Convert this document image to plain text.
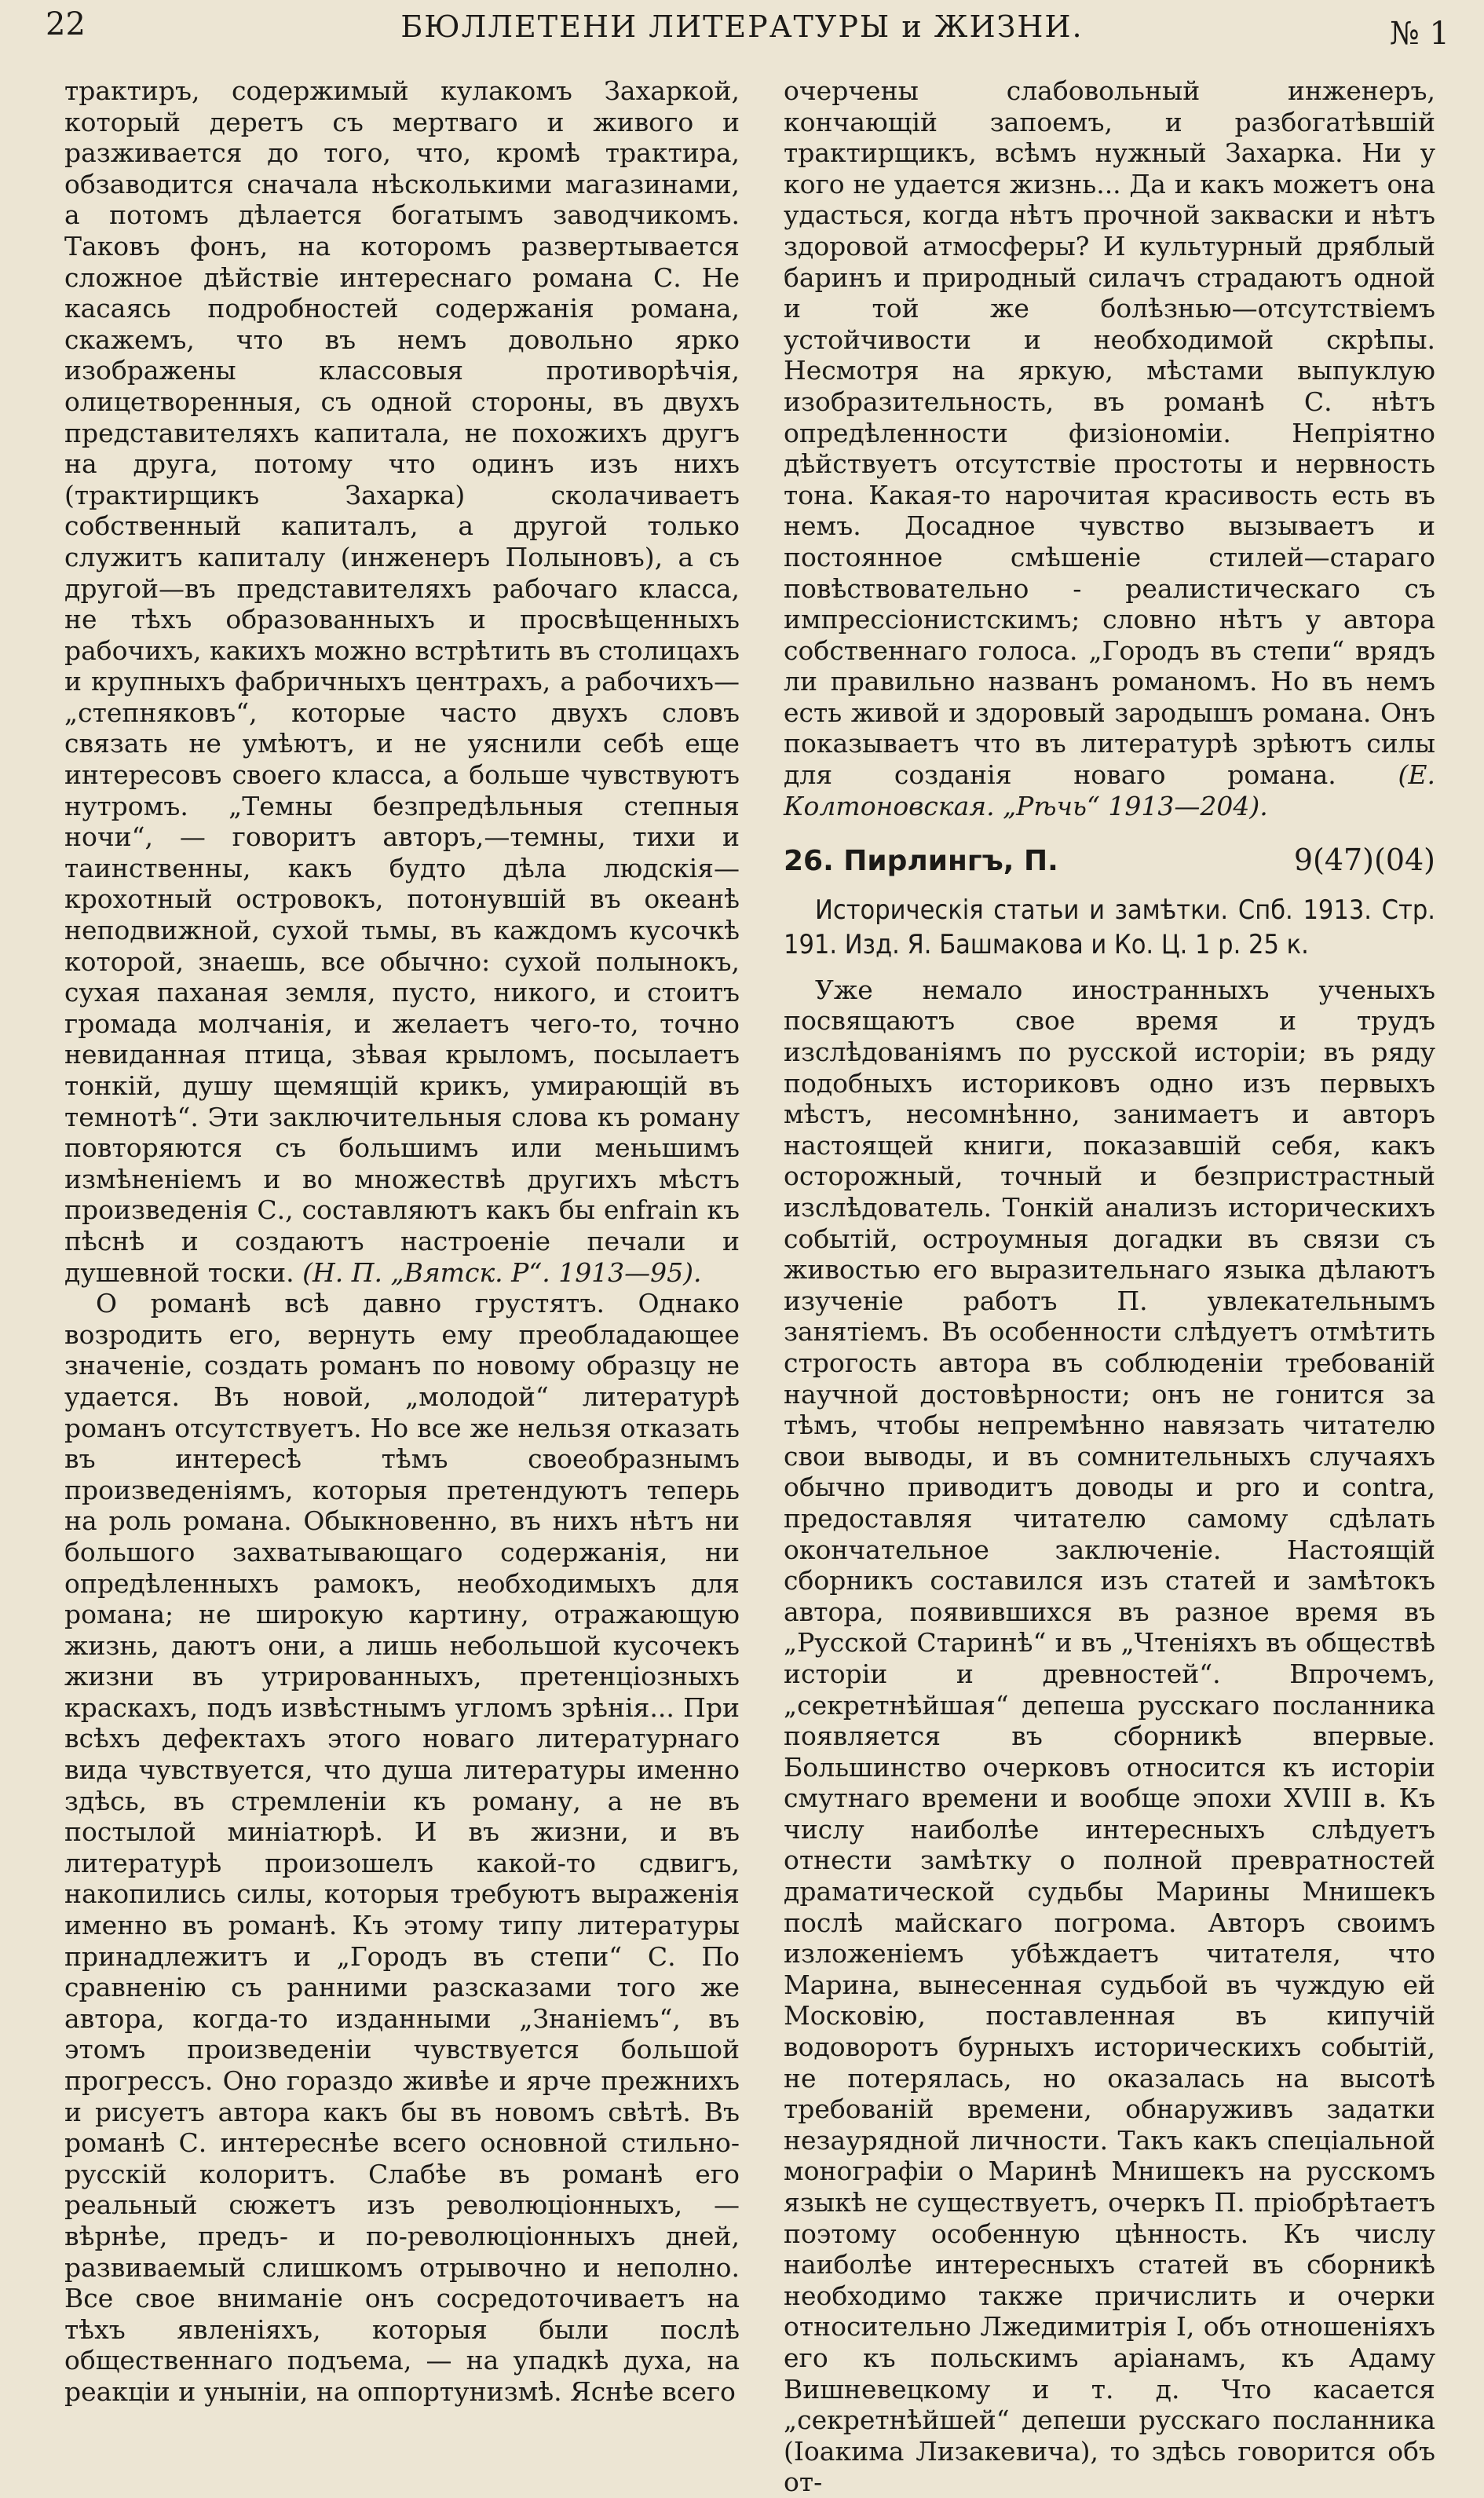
22	БЮЛЛЕТЕНИ ЛИТЕРАТУРЫ и ЖИЗНИ.	№ 1

трактиръ, содержимый кулакомъ Захаркой, который деретъ съ мертваго и живого и разживается до того, что, кромѣ трактира, обзаводится сначала нѣсколькими магазинами, а потомъ дѣлается богатымъ заводчикомъ. Таковъ фонъ, на которомъ развертывается сложное дѣйствіе интереснаго романа С. Не касаясь подробностей содержанія романа, скажемъ, что въ немъ довольно ярко изображены классовыя противорѣчія, олицетворенныя, съ одной стороны, въ двухъ представителяхъ капитала, не похожихъ другъ на друга, потому что одинъ изъ нихъ (трактирщикъ Захарка) сколачиваетъ собственный капиталъ, а другой только служитъ капиталу (инженеръ Полыновъ), а съ другой—въ представителяхъ рабочаго класса, не тѣхъ образованныхъ и просвѣщенныхъ рабочихъ, какихъ можно встрѣтить въ столицахъ и крупныхъ фабричныхъ центрахъ, а рабочихъ—„степняковъ“, которые часто двухъ словъ связать не умѣютъ, и не уяснили себѣ еще интересовъ своего класса, а больше чувствуютъ нутромъ. „Темны безпредѣльныя степныя ночи“, — говоритъ авторъ,—темны, тихи и таинственны, какъ будто дѣла людскія—крохотный островокъ, потонувшій въ океанѣ неподвижной, сухой тьмы, въ каждомъ кусочкѣ которой, знаешь, все обычно: сухой полынокъ, сухая паханая земля, пусто, никого, и стоитъ громада молчанія, и желаетъ чего-то, точно невиданная птица, зѣвая крыломъ, посылаетъ тонкій, душу щемящій крикъ, умирающій въ темнотѣ“. Эти заключительныя слова къ роману повторяются съ большимъ или меньшимъ измѣненіемъ и во множествѣ другихъ мѣстъ произведенія С., составляютъ какъ бы enfrain къ пѣснѣ и создаютъ настроеніе печали и душевной тоски. (Н. П. „Вятск. Р“. 1913—95).

О романѣ всѣ давно грустятъ. Однако возродить его, вернуть ему преобладающее значеніе, создать романъ по новому образцу не удается. Въ новой, „молодой“ литературѣ романъ отсутствуетъ. Но все же нельзя отказать въ интересѣ тѣмъ своеобразнымъ произведеніямъ, которыя претендуютъ теперь на роль романа. Обыкновенно, въ нихъ нѣтъ ни большого захватывающаго содержанія, ни опредѣленныхъ рамокъ, необходимыхъ для романа; не широкую картину, отражающую жизнь, даютъ они, а лишь небольшой кусочекъ жизни въ утрированныхъ, претенціозныхъ краскахъ, подъ извѣстнымъ угломъ зрѣнія... При всѣхъ дефектахъ этого новаго литературнаго вида чувствуется, что душа литературы именно здѣсь, въ стремленіи къ роману, а не въ постылой миніатюрѣ. И въ жизни, и въ литературѣ произошелъ какой-то сдвигъ, накопились силы, которыя требуютъ выраженія именно въ романѣ. Къ этому типу литературы принадлежитъ и „Городъ въ степи“ С. По сравненію съ ранними разсказами того же автора, когда-то изданными „Знаніемъ“, въ этомъ произведеніи чувствуется большой прогрессъ. Оно гораздо живѣе и ярче прежнихъ и рисуетъ автора какъ бы въ новомъ свѣтѣ. Въ романѣ С. интереснѣе всего основной стильно-русскій колоритъ. Слабѣе въ романѣ его реальный сюжетъ изъ революціонныхъ, — вѣрнѣе, предъ- и по-революціонныхъ дней, развиваемый слишкомъ отрывочно и неполно. Все свое вниманіе онъ сосредоточиваетъ на тѣхъ явленіяхъ, которыя были послѣ общественнаго подъема, — на упадкѣ духа, на реакціи и уныніи, на оппортунизмѣ. Яснѣе всего

очерчены слабовольный инженеръ, кончающій запоемъ, и разбогатѣвшій трактирщикъ, всѣмъ нужный Захарка. Ни у кого не удается жизнь... Да и какъ можетъ она удасться, когда нѣтъ прочной закваски и нѣтъ здоровой атмосферы? И культурный дряблый баринъ и природный силачъ страдаютъ одной и той же болѣзнью—отсутствіемъ устойчивости и необходимой скрѣпы. Несмотря на яркую, мѣстами выпуклую изобразительность, въ романѣ С. нѣтъ опредѣленности физіономіи. Непріятно дѣйствуетъ отсутствіе простоты и нервность тона. Какая-то нарочитая красивость есть въ немъ. Досадное чувство вызываетъ и постоянное смѣшеніе стилей—стараго повѣствовательно - реалистическаго съ импрессіонистскимъ; словно нѣтъ у автора собственнаго голоса. „Городъ въ степи“ врядъ ли правильно названъ романомъ. Но въ немъ есть живой и здоровый зародышъ романа. Онъ показываетъ что въ литературѣ зрѣютъ силы для созданія новаго романа. (Е. Колтоновская. „Рѣчь“ 1913—204).

26. Пирлингъ, П.	9(47)(04)
Историческія статьи и замѣтки. Спб. 1913. Стр. 191. Изд. Я. Башмакова и Ко. Ц. 1 р. 25 к.

Уже немало иностранныхъ ученыхъ посвящаютъ свое время и трудъ изслѣдованіямъ по русской исторіи; въ ряду подобныхъ историковъ одно изъ первыхъ мѣстъ, несомнѣнно, занимаетъ и авторъ настоящей книги, показавшій себя, какъ осторожный, точный и безпристрастный изслѣдователь. Тонкій анализъ историческихъ событій, остроумныя догадки въ связи съ живостью его выразительнаго языка дѣлаютъ изученіе работъ П. увлекательнымъ занятіемъ. Въ особенности слѣдуетъ отмѣтить строгость автора въ соблюденіи требованій научной достовѣрности; онъ не гонится за тѣмъ, чтобы непремѣнно навязать читателю свои выводы, и въ сомнительныхъ случаяхъ обычно приводитъ доводы и pro и contra, предоставляя читателю самому сдѣлать окончательное заключеніе. Настоящій сборникъ составился изъ статей и замѣтокъ автора, появившихся въ разное время въ „Русской Старинѣ“ и въ „Чтеніяхъ въ обществѣ исторіи и древностей“. Впрочемъ, „секретнѣйшая“ депеша русскаго посланника появляется въ сборникѣ впервые. Большинство очерковъ относится къ исторіи смутнаго времени и вообще эпохи XVIII в. Къ числу наиболѣе интересныхъ слѣдуетъ отнести замѣтку о полной превратностей драматической судьбы Марины Мнишекъ послѣ майскаго погрома. Авторъ своимъ изложеніемъ убѣждаетъ читателя, что Марина, вынесенная судьбой въ чуждую ей Московію, поставленная въ кипучій водоворотъ бурныхъ историческихъ событій, не потерялась, но оказалась на высотѣ требованій времени, обнаруживъ задатки незаурядной личности. Такъ какъ спеціальной монографіи о Маринѣ Мнишекъ на русскомъ языкѣ не существуетъ, очеркъ П. пріобрѣтаетъ поэтому особенную цѣнность. Къ числу наиболѣе интересныхъ статей въ сборникѣ необходимо также причислить и очерки относительно Лжедимитрія I, объ отношеніяхъ его къ польскимъ аріанамъ, къ Адаму Вишневецкому и т. д. Что касается „секретнѣйшей“ депеши русскаго посланника (Іоакима Лизакевича), то здѣсь говорится объ от-
